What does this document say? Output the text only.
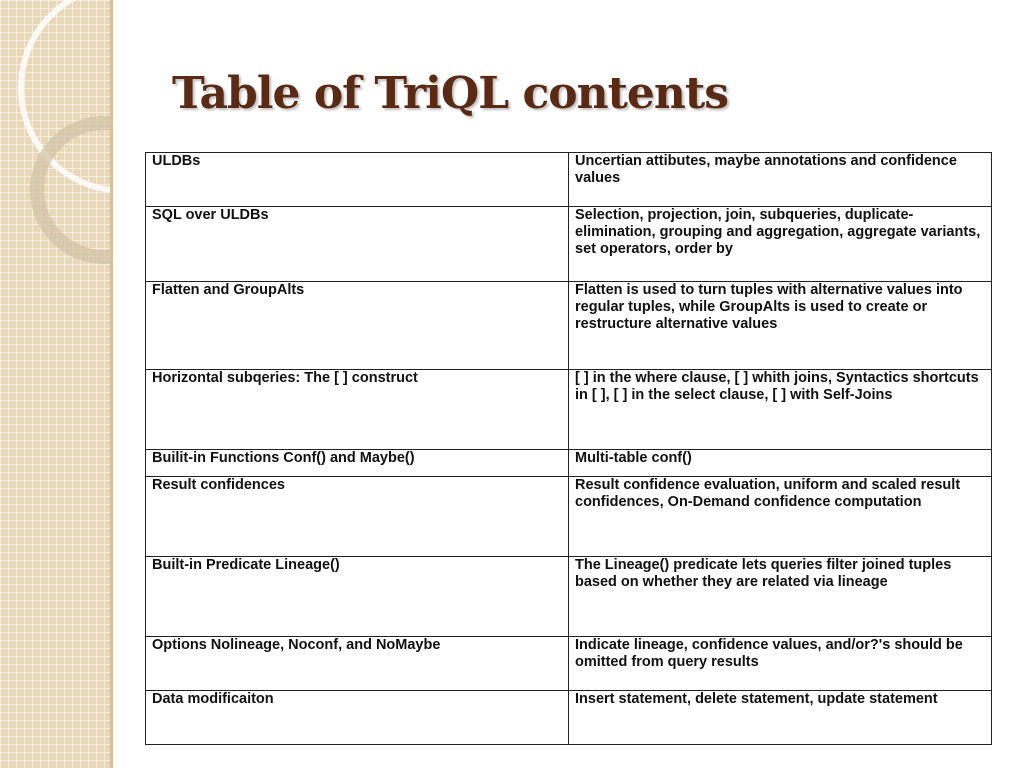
Table of TriQL contents
ULDBs	Uncertian attibutes, maybe annotations and confidence values
SQL over ULDBs	Selection, projection, join, subqueries, duplicate-elimination, grouping and aggregation, aggregate variants, set operators, order by
Flatten and GroupAlts	Flatten is used to turn tuples with alternative values into regular tuples, while GroupAlts is used to create or restructure alternative values
Horizontal subqeries: The [ ] construct	[ ] in the where clause, [ ] whith joins, Syntactics shortcuts in [ ], [ ] in the select clause, [ ] with Self-Joins
Builit-in Functions Conf() and Maybe()	Multi-table conf()
Result confidences	Result confidence evaluation, uniform and scaled result confidences, On-Demand confidence computation
Built-in Predicate Lineage()	The Lineage() predicate lets queries filter joined tuples based on whether they are related via lineage
Options Nolineage, Noconf, and NoMaybe	Indicate lineage, confidence values, and/or?'s should be omitted from query results
Data modificaiton	Insert statement, delete statement, update statement
